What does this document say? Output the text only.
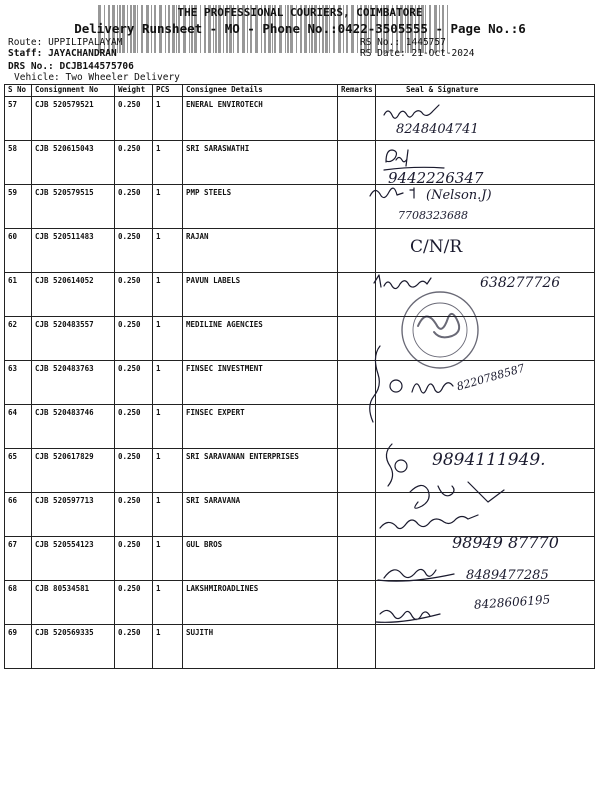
THE PROFESSIONAL COURIERS, COIMBATORE
Delivery Runsheet - MO - Phone No.:0422-3505555 - Page No.:6
Route: UPPILIPALAYAM
Staff: JAYACHANDRAN
DRS No.: DCJB144575706
Vehicle: Two Wheeler Delivery
RS No.: 1445757
RS Date: 21-Oct-2024
S No	Consignment No	Weight	PCS	Consignee Details	Remarks	Seal & Signature
57	CJB 520579521	0.250	1	ENERAL ENVIROTECH		
58	CJB 520615043	0.250	1	SRI SARASWATHI		
59	CJB 520579515	0.250	1	PMP STEELS		
60	CJB 520511483	0.250	1	RAJAN		
61	CJB 520614052	0.250	1	PAVUN LABELS		
62	CJB 520483557	0.250	1	MEDILINE AGENCIES		
63	CJB 520483763	0.250	1	FINSEC INVESTMENT		
64	CJB 520483746	0.250	1	FINSEC EXPERT		
65	CJB 520617829	0.250	1	SRI SARAVANAN ENTERPRISES		
66	CJB 520597713	0.250	1	SRI SARAVANA		
67	CJB 520554123	0.250	1	GUL BROS		
68	CJB 80534581	0.250	1	LAKSHMIROADLINES		
69	CJB 520569335	0.250	1	SUJITH		
8248404741
9442226347
(Nelson.J)
7708323688
C/N/R
638277726
8220788587
9894111949.
98949 87770
8489477285
8428606195
